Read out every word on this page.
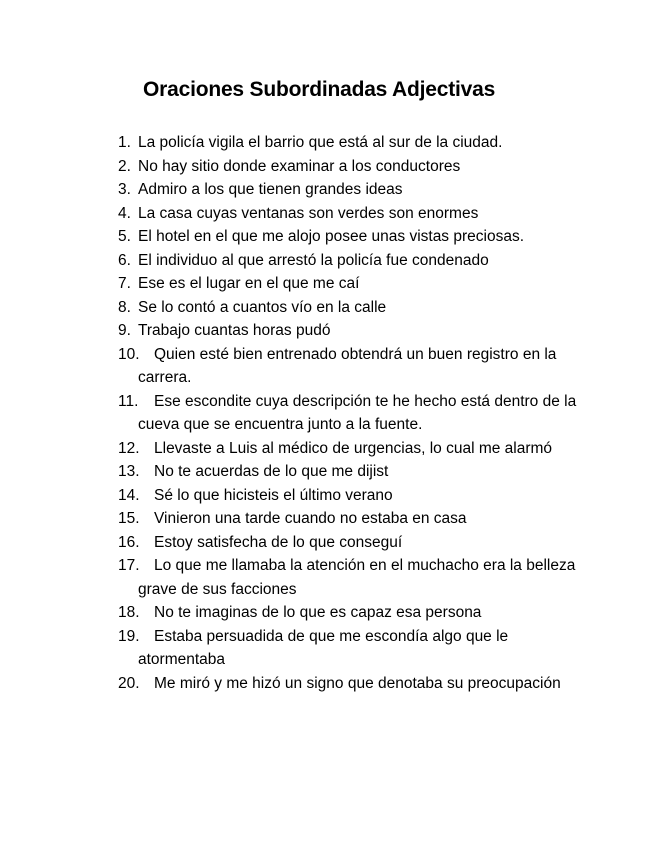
Oraciones Subordinadas Adjectivas
1. La policía vigila el barrio que está al sur de la ciudad.
2. No hay sitio donde examinar a los conductores
3. Admiro a los que tienen grandes ideas
4. La casa cuyas ventanas son verdes son enormes
5. El hotel en el que me alojo posee unas vistas preciosas.
6. El individuo al que arrestó la policía fue condenado
7. Ese es el lugar en el que me caí
8. Se lo contó a cuantos vío en la calle
9. Trabajo cuantas horas pudó
10. Quien esté bien entrenado obtendrá un buen registro en la carrera.
11.	Ese escondite cuya descripción te he hecho está dentro de la cueva que se encuentra junto a la fuente.
12. Llevaste a Luis al médico de urgencias, lo cual me alarmó
13. No te acuerdas de lo que me dijist
14. Sé lo que hicisteis el último verano
15. Vinieron una tarde cuando no estaba en casa
16. Estoy satisfecha de lo que conseguí
17. Lo que me llamaba la atención en el muchacho era la belleza grave de sus facciones
18. No te imaginas de lo que es capaz esa persona
19. Estaba persuadida de que me escondía algo que le atormentaba
20. Me miró y me hizó un signo que denotaba su preocupación
